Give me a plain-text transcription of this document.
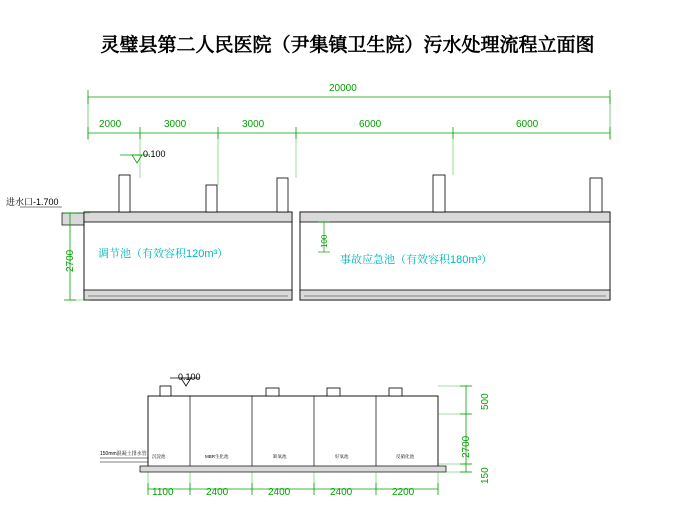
灵璧县第二人民医院（尹集镇卫生院）污水处理流程立面图
20000
2000	3000	3000	6000	6000
0.100
进水口-1.700
2700
100
调节池（有效容积120m³）	事故应急池（有效容积180m³）
0.100
150mm混凝土排水管 沉淀池	MBR生化池	缺氧池	好氧池	反硝化池
1100	2400	2400	2400	2200
500
2700
150
